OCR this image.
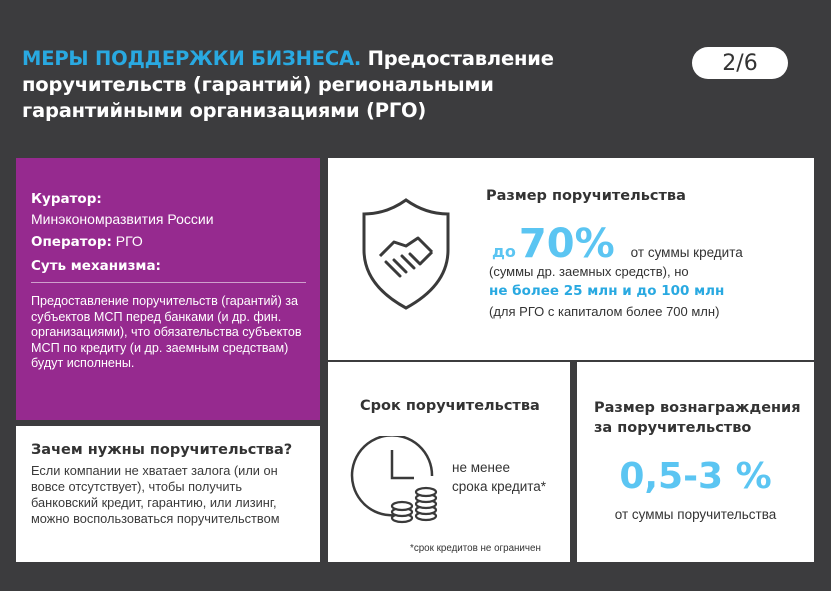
МЕРЫ ПОДДЕРЖКИ БИЗНЕСА. Предоставление поручительств (гарантий) региональными гарантийными организациями (РГО)
2/6
Куратор:
Минэкономразвития России
Оператор: РГО
Суть механизма:
Предоставление поручительств (гарантий) за субъектов МСП перед банками (и др. фин. организациями), что обязательства субъектов МСП по кредиту (и др. заемным средствам) будут исполнены.
Зачем нужны поручительства?
Если компании не хватает залога (или он вовсе отсутствует), чтобы получить банковский кредит, гарантию, или лизинг, можно воспользоваться поручительством
Размер поручительства
до 70% от суммы кредита
(суммы др. заемных средств), но
не более 25 млн и до 100 млн
(для РГО с капиталом более 700 млн)
Срок поручительства
не менее
срока кредита*
*срок кредитов не ограничен
Размер вознаграждения за поручительство
0,5-3 %
от суммы поручительства
